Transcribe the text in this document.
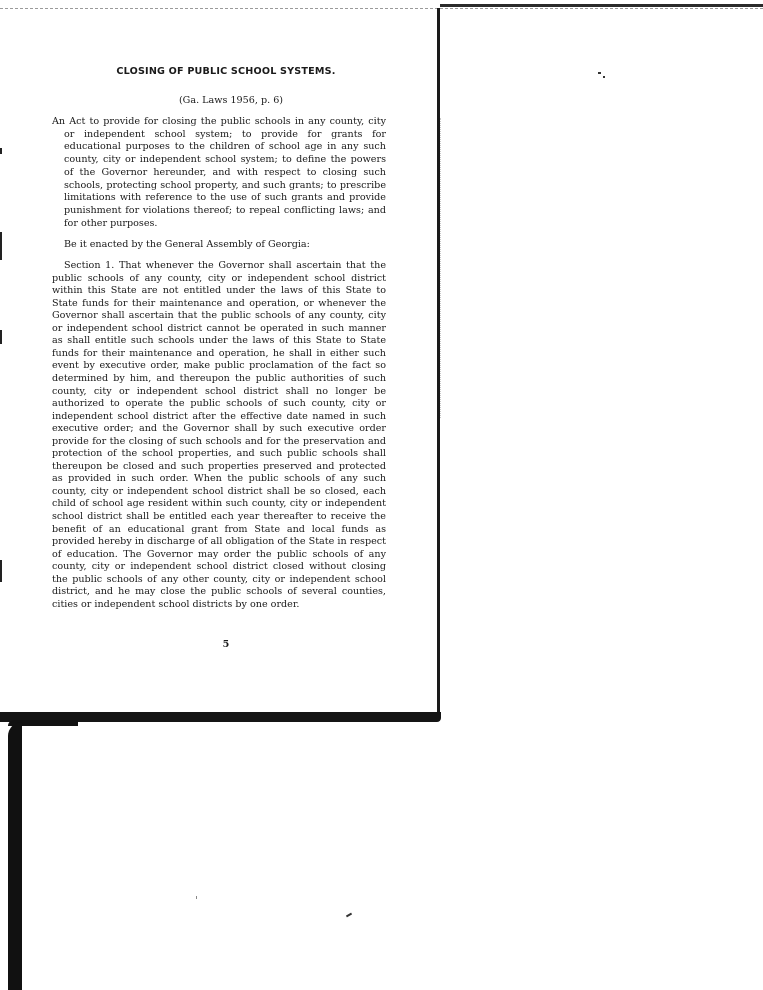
CLOSING OF PUBLIC SCHOOL SYSTEMS.

(Ga. Laws 1956, p. 6)

An Act to provide for closing the public schools in any county, city or independent school system; to provide for grants for educational purposes to the children of school age in any such county, city or independent school system; to define the powers of the Governor hereunder, and with respect to closing such schools, protecting school property, and such grants; to prescribe limitations with reference to the use of such grants and provide punishment for violations thereof; to repeal conflicting laws; and for other purposes.

Be it enacted by the General Assembly of Georgia:

Section 1. That whenever the Governor shall ascertain that the public schools of any county, city or independent school district within this State are not entitled under the laws of this State to State funds for their maintenance and operation, or whenever the Governor shall ascertain that the public schools of any county, city or independent school district cannot be operated in such manner as shall entitle such schools under the laws of this State to State funds for their maintenance and operation, he shall in either such event by executive order, make public proclamation of the fact so determined by him, and thereupon the public authorities of such county, city or independent school district shall no longer be authorized to operate the public schools of such county, city or independent school district after the effective date named in such executive order; and the Governor shall by such executive order provide for the closing of such schools and for the preservation and protection of the school properties, and such public schools shall thereupon be closed and such properties preserved and protected as provided in such order. When the public schools of any such county, city or independent school district shall be so closed, each child of school age resident within such county, city or independent school district shall be entitled each year thereafter to receive the benefit of an educational grant from State and local funds as provided hereby in discharge of all obligation of the State in respect of education. The Governor may order the public schools of any county, city or independent school district closed without closing the public schools of any other county, city or independent school district, and he may close the public schools of several counties, cities or independent school districts by one order.

5
